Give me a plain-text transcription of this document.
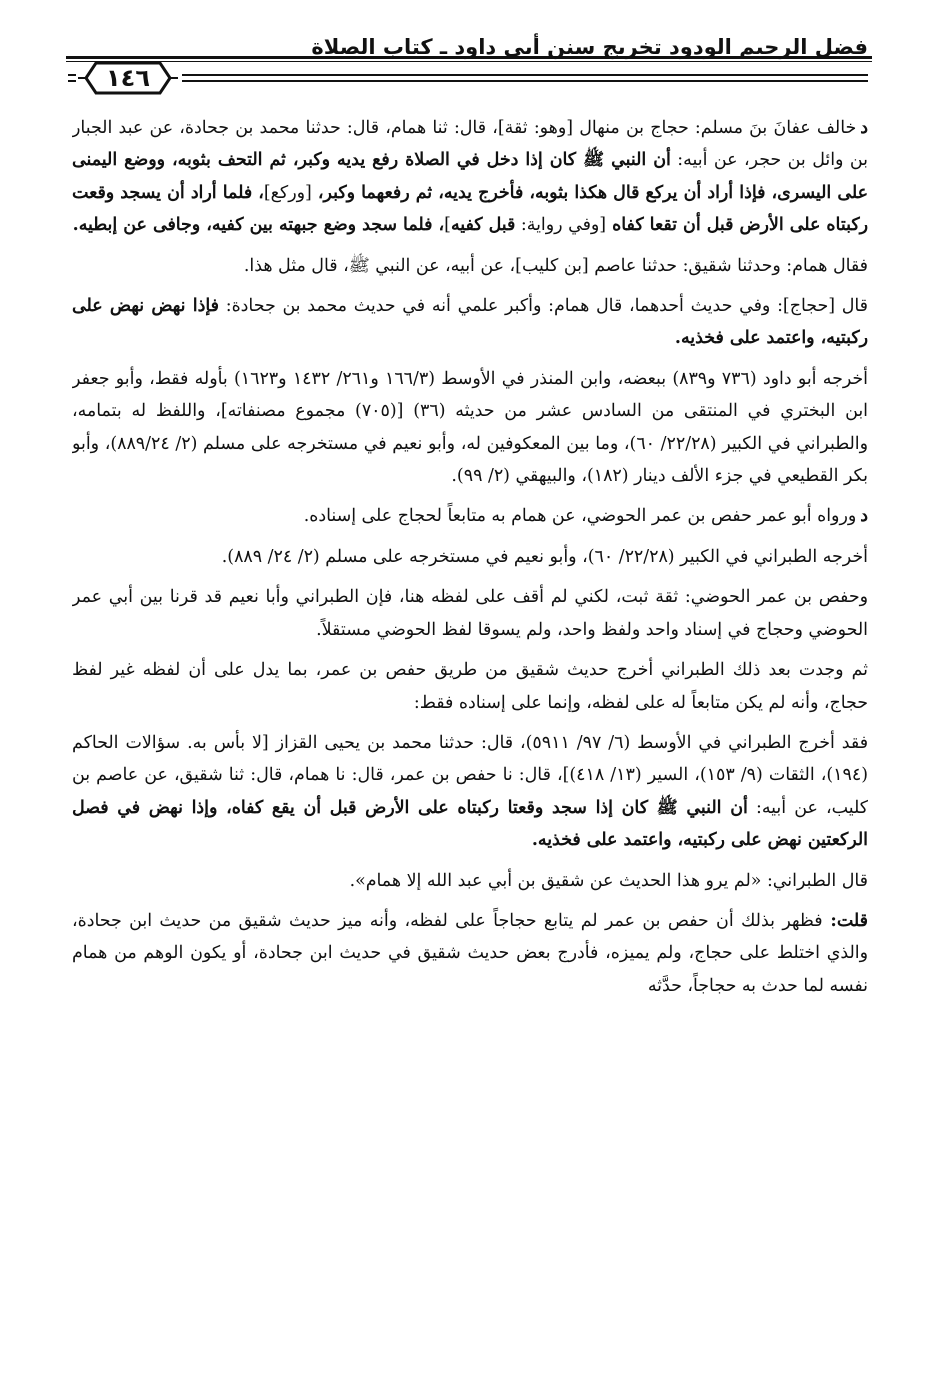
فضل الرحيم الودود تخريج سنن أبي داود ـ كتاب الصلاة
١٤٦

ﺩخالف عفانَ بنَ مسلم: حجاج بن منهال [وهو: ثقة]، قال: ثنا همام، قال: حدثنا محمد بن جحادة، عن عبد الجبار بن وائل بن حجر، عن أبيه: أن النبي ﷺ كان إذا دخل في الصلاة رفع يديه وكبر، ثم التحف بثوبه، ووضع اليمنى على اليسرى، فإذا أراد أن يركع قال هكذا بثوبه، فأخرج يديه، ثم رفعهما وكبر، [وركع]، فلما أراد أن يسجد وقعت ركبتاه على الأرض قبل أن تقعا كفاه [وفي رواية: قبل كفيه]، فلما سجد وضع جبهته بين كفيه، وجافى عن إبطيه.

فقال همام: وحدثنا شقيق: حدثنا عاصم [بن كليب]، عن أبيه، عن النبي ﷺ، قال مثل هذا.

قال [حجاج]: وفي حديث أحدهما، قال همام: وأكبر علمي أنه في حديث محمد بن جحادة: فإذا نهض نهض على ركبتيه، واعتمد على فخذيه.

أخرجه أبو داود (٧٣٦ و٨٣٩) ببعضه، وابن المنذر في الأوسط (١٦٦/٣ و٢٦١/ ١٤٣٢ و١٦٢٣) بأوله فقط، وأبو جعفر ابن البختري في المنتقى من السادس عشر من حديثه (٣٦) [(٧٠٥) مجموع مصنفاته]، واللفظ له بتمامه، والطبراني في الكبير (٢٢/٢٨/ ٦٠)، وما بين المعكوفين له، وأبو نعيم في مستخرجه على مسلم (٢/ ٨٨٩/٢٤)، وأبو بكر القطيعي في جزء الألف دينار (١٨٢)، والبيهقي (٢/ ٩٩).

ﺩورواه أبو عمر حفص بن عمر الحوضي، عن همام به متابعاً لحجاج على إسناده.

أخرجه الطبراني في الكبير (٢٢/٢٨/ ٦٠)، وأبو نعيم في مستخرجه على مسلم (٢/ ٢٤/ ٨٨٩).

وحفص بن عمر الحوضي: ثقة ثبت، لكني لم أقف على لفظه هنا، فإن الطبراني وأبا نعيم قد قرنا بين أبي عمر الحوضي وحجاج في إسناد واحد ولفظ واحد، ولم يسوقا لفظ الحوضي مستقلاً.

ثم وجدت بعد ذلك الطبراني أخرج حديث شقيق من طريق حفص بن عمر، بما يدل على أن لفظه غير لفظ حجاج، وأنه لم يكن متابعاً له على لفظه، وإنما على إسناده فقط:

فقد أخرج الطبراني في الأوسط (٦/ ٩٧/ ٥٩١١)، قال: حدثنا محمد بن يحيى القزاز [لا بأس به. سؤالات الحاكم (١٩٤)، الثقات (٩/ ١٥٣)، السير (١٣/ ٤١٨)]، قال: نا حفص بن عمر، قال: نا همام، قال: ثنا شقيق، عن عاصم بن كليب، عن أبيه: أن النبي ﷺ كان إذا سجد وقعتا ركبتاه على الأرض قبل أن يقع كفاه، وإذا نهض في فصل الركعتين نهض على ركبتيه، واعتمد على فخذيه.

قال الطبراني: «لم يرو هذا الحديث عن شقيق بن أبي عبد الله إلا همام».

قلت: فظهر بذلك أن حفص بن عمر لم يتابع حجاجاً على لفظه، وأنه ميز حديث شقيق من حديث ابن جحادة، والذي اختلط على حجاج، ولم يميزه، فأدرج بعض حديث شقيق في حديث ابن جحادة، أو يكون الوهم من همام نفسه لما حدث به حجاجاً، حدَّثه
